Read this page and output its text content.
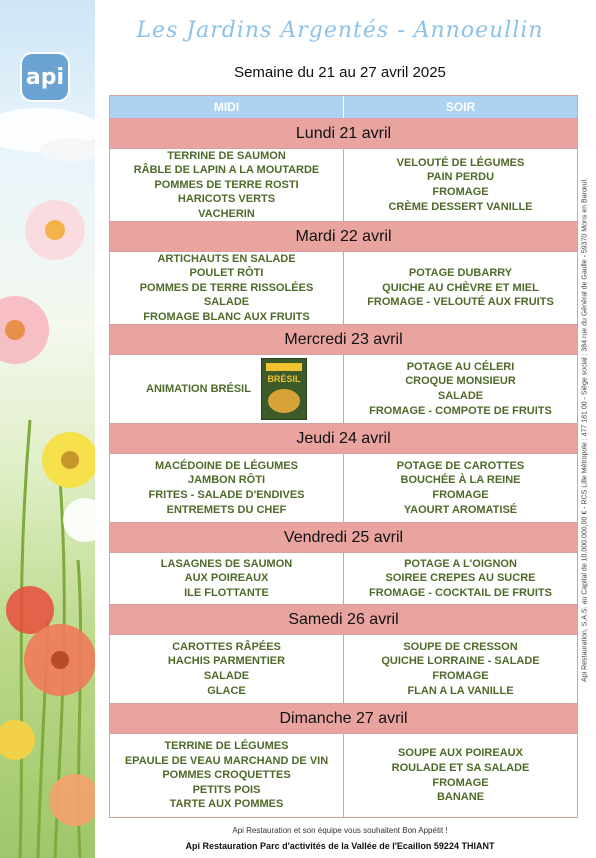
api
Les Jardins Argentés - Annoeullin
Semaine du 21 au 27 avril 2025
MIDI	SOIR
Lundi 21 avril
TERRINE DE SAUMON
RÂBLE DE LAPIN A LA MOUTARDE
POMMES DE TERRE ROSTI
HARICOTS VERTS
VACHERIN
VELOUTÉ DE LÉGUMES
PAIN PERDU
FROMAGE
CRÈME DESSERT VANILLE
Mardi 22 avril
ARTICHAUTS EN SALADE
POULET RÔTI
POMMES DE TERRE RISSOLÉES
SALADE
FROMAGE BLANC AUX FRUITS
POTAGE DUBARRY
QUICHE AU CHÈVRE ET MIEL
FROMAGE - VELOUTÉ AUX FRUITS
Mercredi 23 avril
ANIMATION BRÉSIL
BRÉSIL
POTAGE AU CÉLERI
CROQUE MONSIEUR
SALADE
FROMAGE - COMPOTE DE FRUITS
Jeudi 24 avril
MACÉDOINE DE LÉGUMES
JAMBON RÔTI
FRITES - SALADE D'ENDIVES
ENTREMETS DU CHEF
POTAGE DE CAROTTES
BOUCHÉE À LA REINE
FROMAGE
YAOURT AROMATISÉ
Vendredi 25 avril
LASAGNES DE SAUMON
AUX POIREAUX
ILE FLOTTANTE
POTAGE A L'OIGNON
SOIREE CREPES AU SUCRE
FROMAGE - COCKTAIL DE FRUITS
Samedi 26 avril
CAROTTES RÂPÉES
HACHIS PARMENTIER
SALADE
GLACE
SOUPE DE CRESSON
QUICHE LORRAINE - SALADE
FROMAGE
FLAN A LA VANILLE
Dimanche 27 avril
TERRINE DE LÉGUMES
EPAULE DE VEAU MARCHAND DE VIN
POMMES CROQUETTES
PETITS POIS
TARTE AUX POMMES
SOUPE AUX POIREAUX
ROULADE ET SA SALADE
FROMAGE
BANANE
Api Restauration et son équipe vous souhaitent Bon Appétit !
Api Restauration Parc d'activités de la Vallée de l'Ecaillon 59224 THIANT
Api Restauration, S.A.S. au Capital de 10.000.000,00 € - RCS Lille Métropole : 477 181 00 - Siège social : 384 rue du Général de Gaulle - 59370 Mons en Barœul.
